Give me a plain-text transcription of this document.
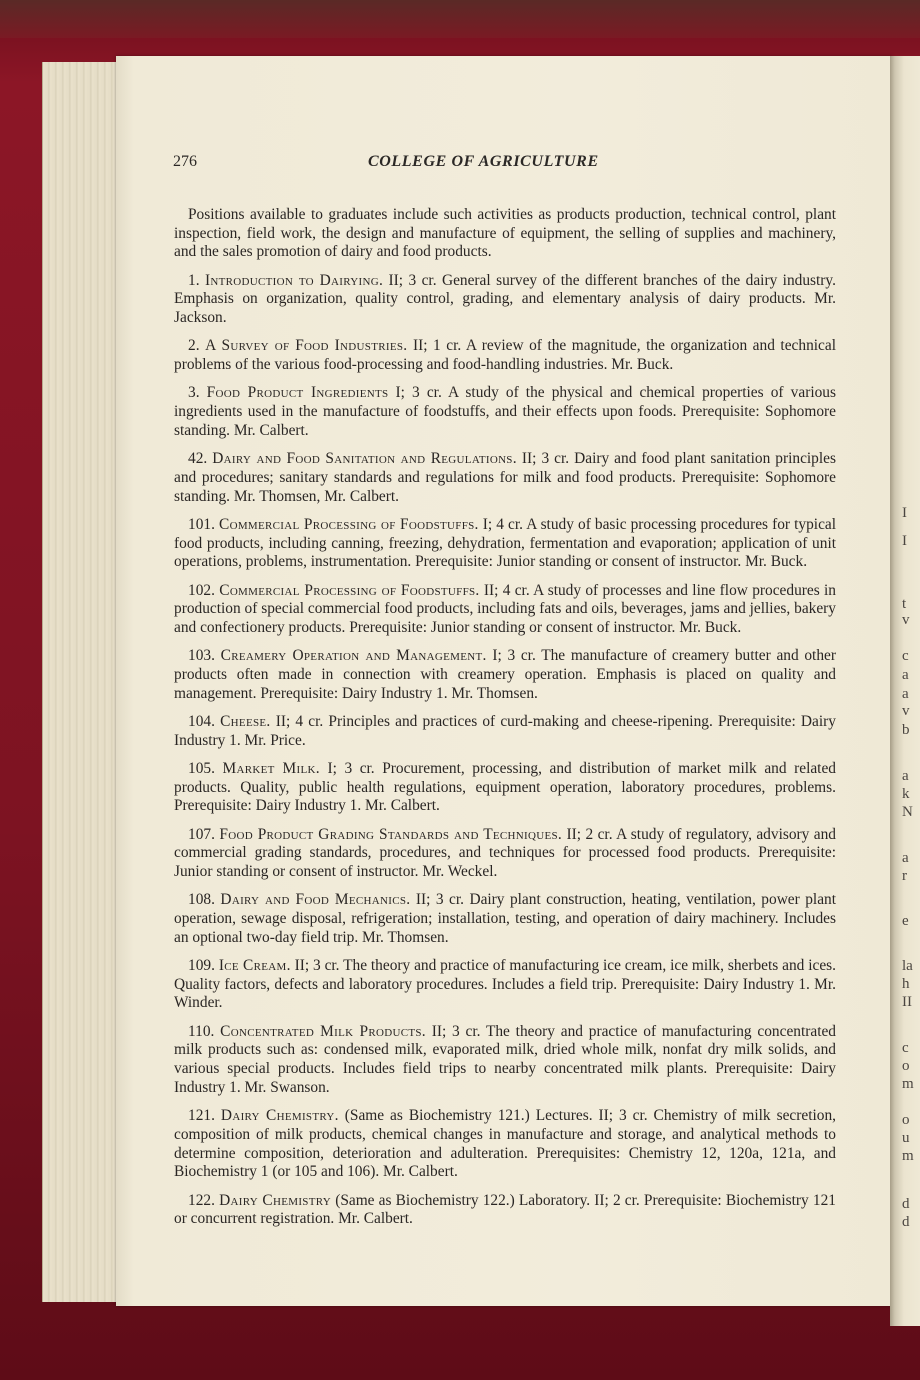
I
I
t
v
c
a
a
v
b
a
k
N
a
r
e
la
h
II
c
o
m
o
u
m
d
d
276	COLLEGE OF AGRICULTURE

Positions available to graduates include such activities as products production, technical control, plant inspection, field work, the design and manufacture of equipment, the selling of supplies and machinery, and the sales promotion of dairy and food products.

1. Introduction to Dairying. II; 3 cr. General survey of the different branches of the dairy industry. Emphasis on organization, quality control, grading, and elementary analysis of dairy products. Mr. Jackson.

2. A Survey of Food Industries. II; 1 cr. A review of the magnitude, the organization and technical problems of the various food-processing and food-handling industries. Mr. Buck.

3. Food Product Ingredients I; 3 cr. A study of the physical and chemical properties of various ingredients used in the manufacture of foodstuffs, and their effects upon foods. Prerequisite: Sophomore standing. Mr. Calbert.

42. Dairy and Food Sanitation and Regulations. II; 3 cr. Dairy and food plant sanitation principles and procedures; sanitary standards and regulations for milk and food products. Prerequisite: Sophomore standing. Mr. Thomsen, Mr. Calbert.

101. Commercial Processing of Foodstuffs. I; 4 cr. A study of basic processing procedures for typical food products, including canning, freezing, dehydration, fermentation and evaporation; application of unit operations, problems, instrumentation. Prerequisite: Junior standing or consent of instructor. Mr. Buck.

102. Commercial Processing of Foodstuffs. II; 4 cr. A study of processes and line flow procedures in production of special commercial food products, including fats and oils, beverages, jams and jellies, bakery and confectionery products. Prerequisite: Junior standing or consent of instructor. Mr. Buck.

103. Creamery Operation and Management. I; 3 cr. The manufacture of creamery butter and other products often made in connection with creamery operation. Emphasis is placed on quality and management. Prerequisite: Dairy Industry 1. Mr. Thomsen.

104. Cheese. II; 4 cr. Principles and practices of curd-making and cheese-ripening. Prerequisite: Dairy Industry 1. Mr. Price.

105. Market Milk. I; 3 cr. Procurement, processing, and distribution of market milk and related products. Quality, public health regulations, equipment operation, laboratory procedures, problems. Prerequisite: Dairy Industry 1. Mr. Calbert.

107. Food Product Grading Standards and Techniques. II; 2 cr. A study of regulatory, advisory and commercial grading standards, procedures, and techniques for processed food products. Prerequisite: Junior standing or consent of instructor. Mr. Weckel.

108. Dairy and Food Mechanics. II; 3 cr. Dairy plant construction, heating, ventilation, power plant operation, sewage disposal, refrigeration; installation, testing, and operation of dairy machinery. Includes an optional two-day field trip. Mr. Thomsen.

109. Ice Cream. II; 3 cr. The theory and practice of manufacturing ice cream, ice milk, sherbets and ices. Quality factors, defects and laboratory procedures. Includes a field trip. Prerequisite: Dairy Industry 1. Mr. Winder.

110. Concentrated Milk Products. II; 3 cr. The theory and practice of manufacturing concentrated milk products such as: condensed milk, evaporated milk, dried whole milk, nonfat dry milk solids, and various special products. Includes field trips to nearby concentrated milk plants. Prerequisite: Dairy Industry 1. Mr. Swanson.

121. Dairy Chemistry. (Same as Biochemistry 121.) Lectures. II; 3 cr. Chemistry of milk secretion, composition of milk products, chemical changes in manufacture and storage, and analytical methods to determine composition, deterioration and adulteration. Prerequisites: Chemistry 12, 120a, 121a, and Biochemistry 1 (or 105 and 106). Mr. Calbert.

122. Dairy Chemistry (Same as Biochemistry 122.) Laboratory. II; 2 cr. Prerequisite: Biochemistry 121 or concurrent registration. Mr. Calbert.
